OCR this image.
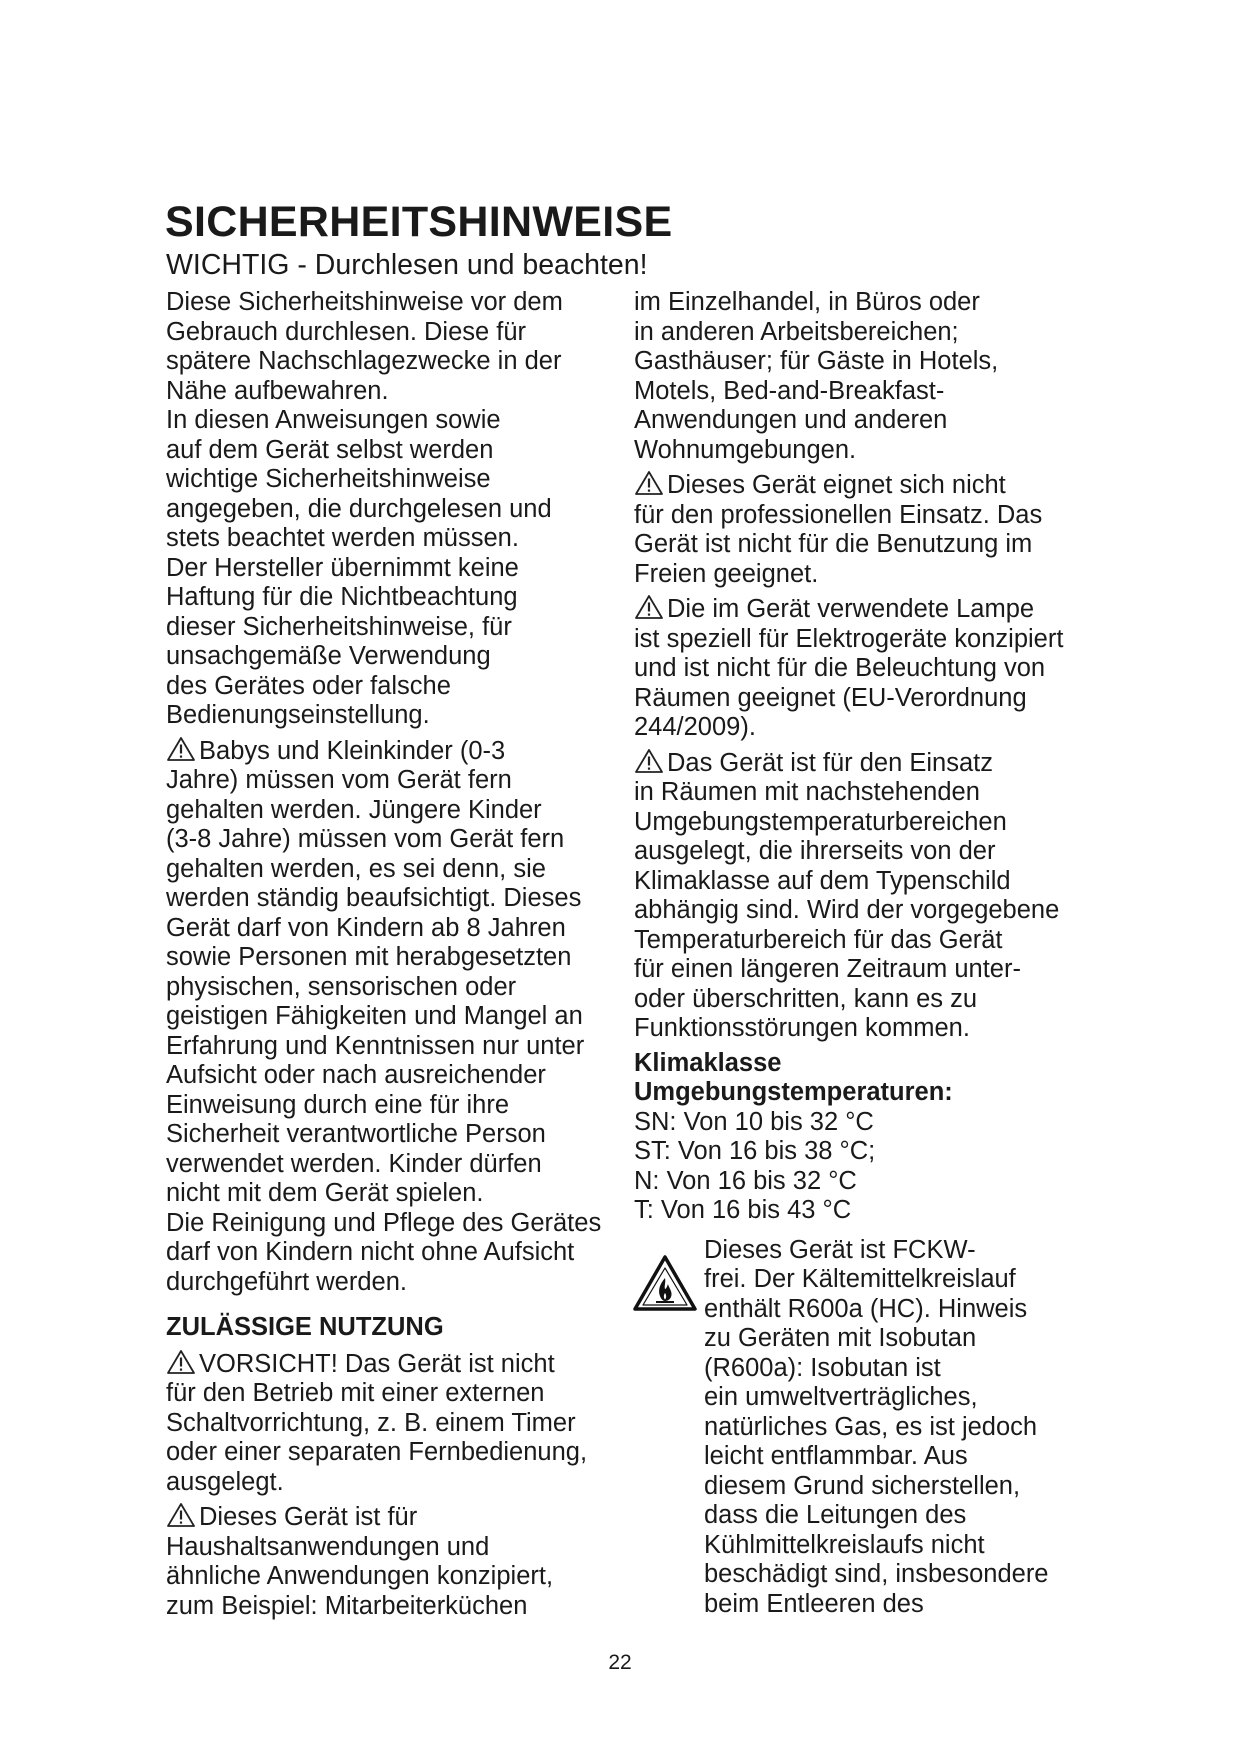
SICHERHEITSHINWEISE
WICHTIG - Durchlesen und beachten!
Diese Sicherheitshinweise vor dem
Gebrauch durchlesen. Diese für
spätere Nachschlagezwecke in der
Nähe aufbewahren.
In diesen Anweisungen sowie
auf dem Gerät selbst werden
wichtige Sicherheitshinweise
angegeben, die durchgelesen und
stets beachtet werden müssen.
Der Hersteller übernimmt keine
Haftung für die Nichtbeachtung
dieser Sicherheitshinweise, für
unsachgemäße Verwendung
des Gerätes oder falsche
Bedienungseinstellung.
Babys und Kleinkinder (0-3
Jahre) müssen vom Gerät fern
gehalten werden. Jüngere Kinder
(3-8 Jahre) müssen vom Gerät fern
gehalten werden, es sei denn, sie
werden ständig beaufsichtigt. Dieses
Gerät darf von Kindern ab 8 Jahren
sowie Personen mit herabgesetzten
physischen, sensorischen oder
geistigen Fähigkeiten und Mangel an
Erfahrung und Kenntnissen nur unter
Aufsicht oder nach ausreichender
Einweisung durch eine für ihre
Sicherheit verantwortliche Person
verwendet werden. Kinder dürfen
nicht mit dem Gerät spielen.
Die Reinigung und Pflege des Gerätes
darf von Kindern nicht ohne Aufsicht
durchgeführt werden.
ZULÄSSIGE NUTZUNG
VORSICHT! Das Gerät ist nicht
für den Betrieb mit einer externen
Schaltvorrichtung, z. B. einem Timer
oder einer separaten Fernbedienung,
ausgelegt.
Dieses Gerät ist für
Haushaltsanwendungen und
ähnliche Anwendungen konzipiert,
zum Beispiel: Mitarbeiterküchen
im Einzelhandel, in Büros oder
in anderen Arbeitsbereichen;
Gasthäuser; für Gäste in Hotels,
Motels, Bed-and-Breakfast-
Anwendungen und anderen
Wohnumgebungen.
Dieses Gerät eignet sich nicht
für den professionellen Einsatz. Das
Gerät ist nicht für die Benutzung im
Freien geeignet.
Die im Gerät verwendete Lampe
ist speziell für Elektrogeräte konzipiert
und ist nicht für die Beleuchtung von
Räumen geeignet (EU-Verordnung
244/2009).
Das Gerät ist für den Einsatz
in Räumen mit nachstehenden
Umgebungstemperaturbereichen
ausgelegt, die ihrerseits von der
Klimaklasse auf dem Typenschild
abhängig sind. Wird der vorgegebene
Temperaturbereich für das Gerät
für einen längeren Zeitraum unter-
oder überschritten, kann es zu
Funktionsstörungen kommen.
Klimaklasse
Umgebungstemperaturen:
SN: Von 10 bis 32 °C
ST: Von 16 bis 38 °C;
N: Von 16 bis 32 °C
T: Von 16 bis 43 °C
Dieses Gerät ist FCKW-
frei. Der Kältemittelkreislauf
enthält R600a (HC). Hinweis
zu Geräten mit Isobutan
(R600a): Isobutan ist
ein umweltverträgliches,
natürliches Gas, es ist jedoch
leicht entflammbar. Aus
diesem Grund sicherstellen,
dass die Leitungen des
Kühlmittelkreislaufs nicht
beschädigt sind, insbesondere
beim Entleeren des
22
